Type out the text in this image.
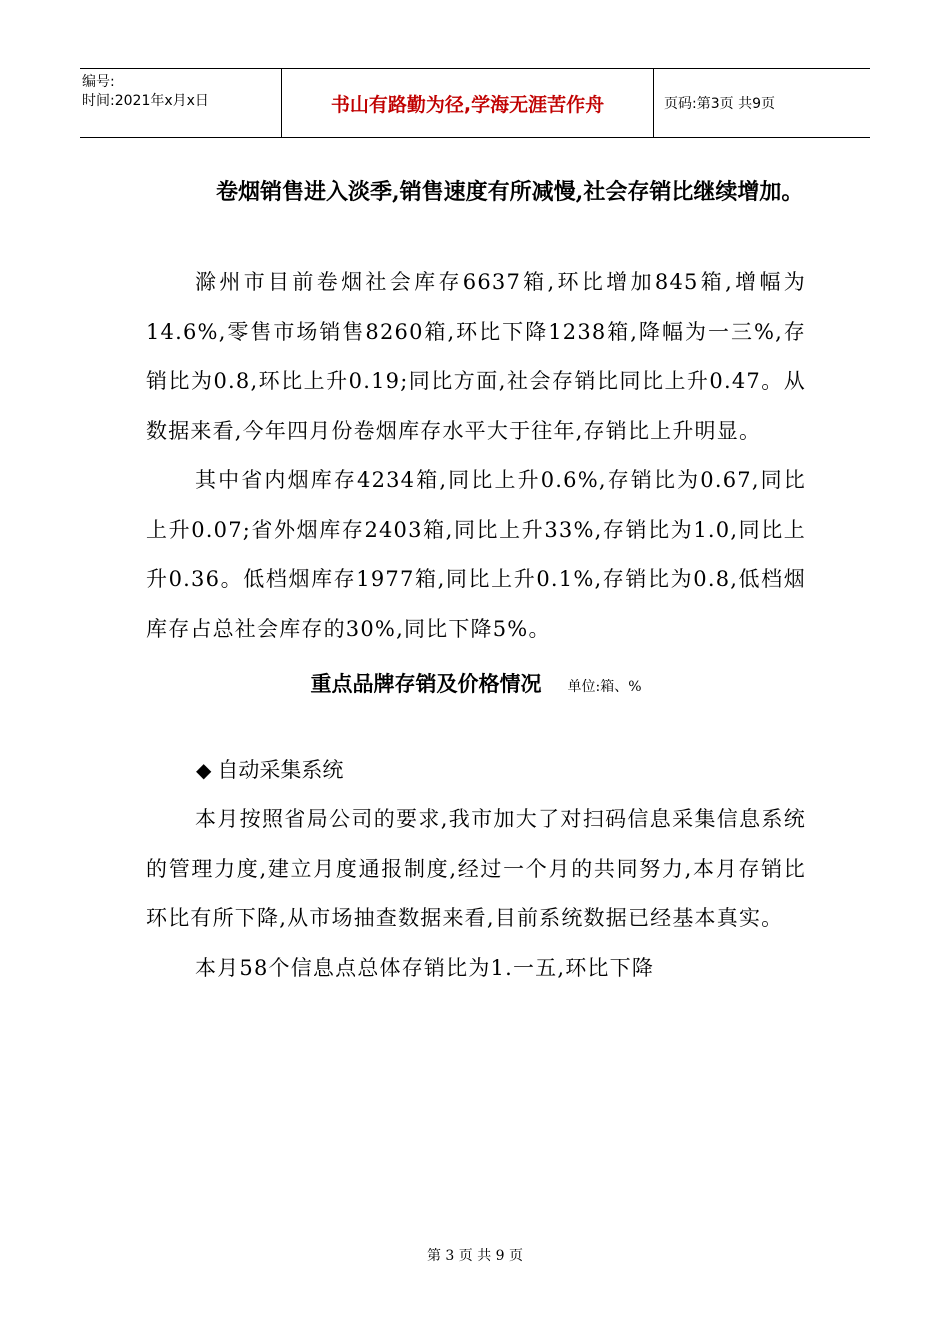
编号:
时间:2021年x月x日	书山有路勤为径,学海无涯苦作舟	页码:第3页 共9页

卷烟销售进入淡季,销售速度有所减慢,社会存销比继续增加。

滁州市目前卷烟社会库存6637箱,环比增加845箱,增幅为14.6%,零售市场销售8260箱,环比下降1238箱,降幅为一三%,存销比为0.8,环比上升0.19;同比方面,社会存销比同比上升0.47。从数据来看,今年四月份卷烟库存水平大于往年,存销比上升明显。

其中省内烟库存4234箱,同比上升0.6%,存销比为0.67,同比上升0.07;省外烟库存2403箱,同比上升33%,存销比为1.0,同比上升0.36。低档烟库存1977箱,同比上升0.1%,存销比为0.8,低档烟库存占总社会库存的30%,同比下降5%。

重点品牌存销及价格情况 单位:箱、%

◆ 自动采集系统

本月按照省局公司的要求,我市加大了对扫码信息采集信息系统的管理力度,建立月度通报制度,经过一个月的共同努力,本月存销比环比有所下降,从市场抽查数据来看,目前系统数据已经基本真实。

本月58个信息点总体存销比为1.一五,环比下降

第 3 页 共 9 页
